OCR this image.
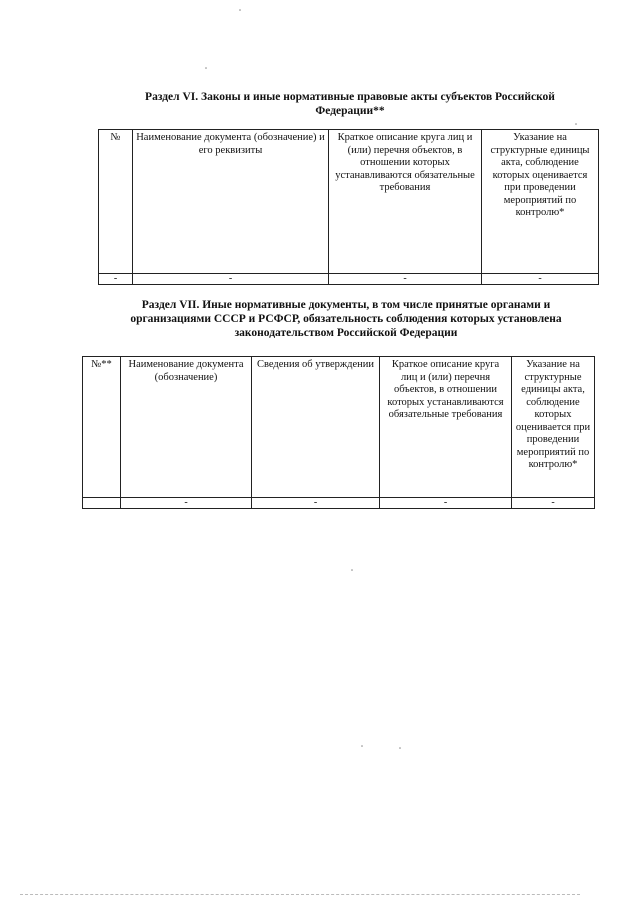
Раздел VI. Законы и иные нормативные правовые акты субъектов Российской
Федерации**
№	Наименование документа (обозначение) и его реквизиты	Краткое описание круга лиц и (или) перечня объектов, в отношении которых устанавливаются обязательные требования	Указание на структурные единицы акта, соблюдение которых оценивается при проведении мероприятий по контролю*
-	-	-	-
Раздел VII. Иные нормативные документы, в том числе принятые органами и
организациями СССР и РСФСР, обязательность соблюдения которых установлена
законодательством Российской Федерации
№**	Наименование документа (обозначение)	Сведения об утверждении	Краткое описание круга лиц и (или) перечня объектов, в отношении которых устанавливаются обязательные требования	Указание на структурные единицы акта, соблюдение которых оценивается при проведении мероприятий по контролю*
	-	-	-	-
